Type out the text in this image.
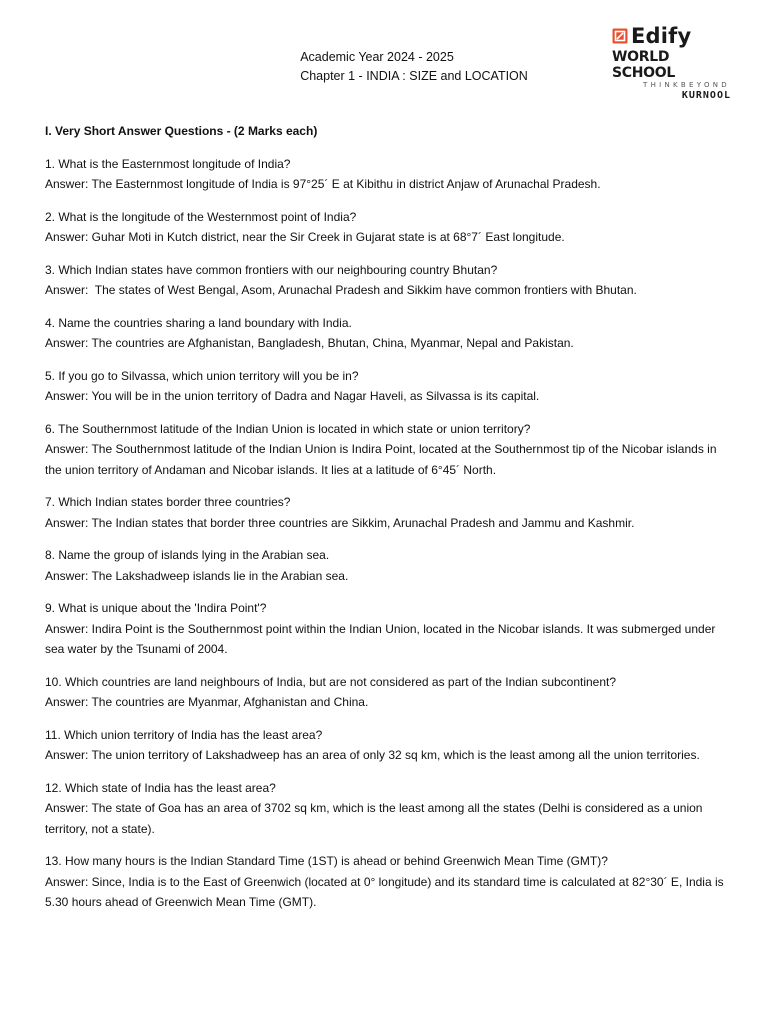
Academic Year 2024 - 2025
Chapter 1 - INDIA : SIZE and LOCATION
Edify
WORLD SCHOOL
THINKBEYOND
KURNOOL

I. Very Short Answer Questions - (2 Marks each)

1. What is the Easternmost longitude of India?

Answer: The Easternmost longitude of India is 97°25´ E at Kibithu in district Anjaw of Arunachal Pradesh.

2. What is the longitude of the Westernmost point of India?

Answer: Guhar Moti in Kutch district, near the Sir Creek in Gujarat state is at 68°7´ East longitude.

3. Which Indian states have common frontiers with our neighbouring country Bhutan?

Answer:  The states of West Bengal, Asom, Arunachal Pradesh and Sikkim have common frontiers with Bhutan.

4. Name the countries sharing a land boundary with India.

Answer: The countries are Afghanistan, Bangladesh, Bhutan, China, Myanmar, Nepal and Pakistan.

5. If you go to Silvassa, which union territory will you be in?

Answer: You will be in the union territory of Dadra and Nagar Haveli, as Silvassa is its capital.

6. The Southernmost latitude of the Indian Union is located in which state or union territory?

Answer: The Southernmost latitude of the Indian Union is Indira Point, located at the Southernmost tip of the Nicobar islands in the union territory of Andaman and Nicobar islands. It lies at a latitude of 6°45´ North.

7. Which Indian states border three countries?

Answer: The Indian states that border three countries are Sikkim, Arunachal Pradesh and Jammu and Kashmir.

8. Name the group of islands lying in the Arabian sea.

Answer: The Lakshadweep islands lie in the Arabian sea.

9. What is unique about the 'Indira Point'?

Answer: Indira Point is the Southernmost point within the Indian Union, located in the Nicobar islands. It was submerged under sea water by the Tsunami of 2004.

10. Which countries are land neighbours of India, but are not considered as part of the Indian subcontinent?

Answer: The countries are Myanmar, Afghanistan and China.

11. Which union territory of India has the least area?

Answer: The union territory of Lakshadweep has an area of only 32 sq km, which is the least among all the union territories.

12. Which state of India has the least area?

Answer: The state of Goa has an area of 3702 sq km, which is the least among all the states (Delhi is considered as a union territory, not a state).

13. How many hours is the Indian Standard Time (1ST) is ahead or behind Greenwich Mean Time (GMT)?

Answer: Since, India is to the East of Greenwich (located at 0° longitude) and its standard time is calculated at 82°30´ E, India is 5.30 hours ahead of Greenwich Mean Time (GMT).
